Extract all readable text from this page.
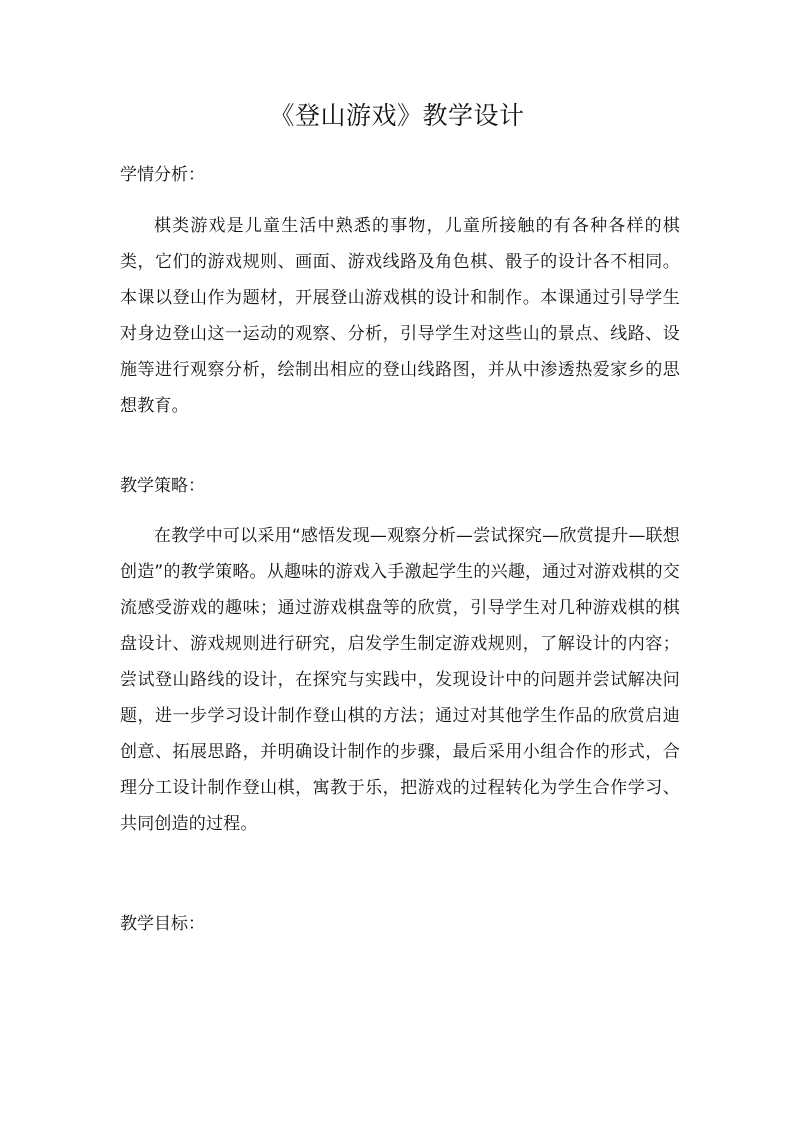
《登山游戏》教学设计
学情分析：
棋类游戏是儿童生活中熟悉的事物，儿童所接触的有各种各样的棋类，它们的游戏规则、画面、游戏线路及角色棋、骰子的设计各不相同。本课以登山作为题材，开展登山游戏棋的设计和制作。本课通过引导学生对身边登山这一运动的观察、分析，引导学生对这些山的景点、线路、设施等进行观察分析，绘制出相应的登山线路图，并从中渗透热爱家乡的思想教育。
教学策略：
在教学中可以采用“感悟发现—观察分析—尝试探究—欣赏提升—联想创造”的教学策略。从趣味的游戏入手激起学生的兴趣，通过对游戏棋的交流感受游戏的趣味；通过游戏棋盘等的欣赏，引导学生对几种游戏棋的棋盘设计、游戏规则进行研究，启发学生制定游戏规则，了解设计的内容；尝试登山路线的设计，在探究与实践中，发现设计中的问题并尝试解决问题，进一步学习设计制作登山棋的方法；通过对其他学生作品的欣赏启迪创意、拓展思路，并明确设计制作的步骤，最后采用小组合作的形式，合理分工设计制作登山棋，寓教于乐，把游戏的过程转化为学生合作学习、共同创造的过程。
教学目标：
